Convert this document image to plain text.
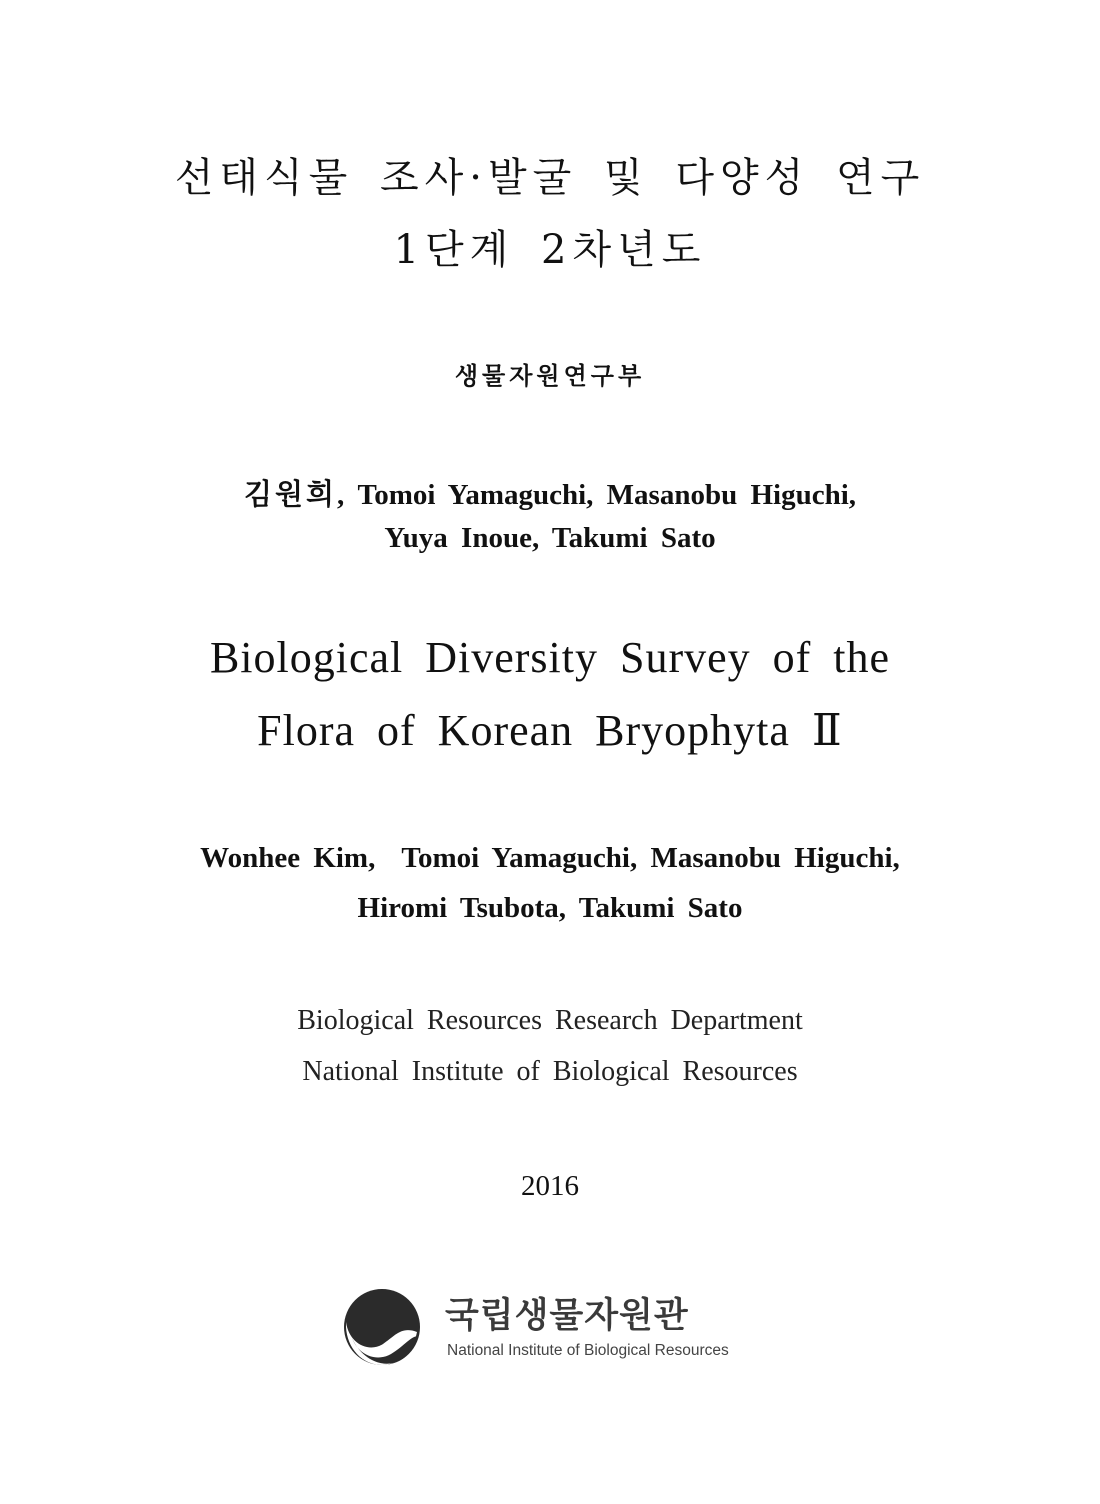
선태식물 조사·발굴 및 다양성 연구
1단계 2차년도
생물자원연구부
김원희, Tomoi Yamaguchi, Masanobu Higuchi,
Yuya Inoue, Takumi Sato
Biological Diversity Survey of the
Flora of Korean Bryophyta Ⅱ
Wonhee Kim,  Tomoi Yamaguchi, Masanobu Higuchi,
Hiromi Tsubota, Takumi Sato
Biological Resources Research Department
National Institute of Biological Resources
2016
국립생물자원관
National Institute of Biological Resources
